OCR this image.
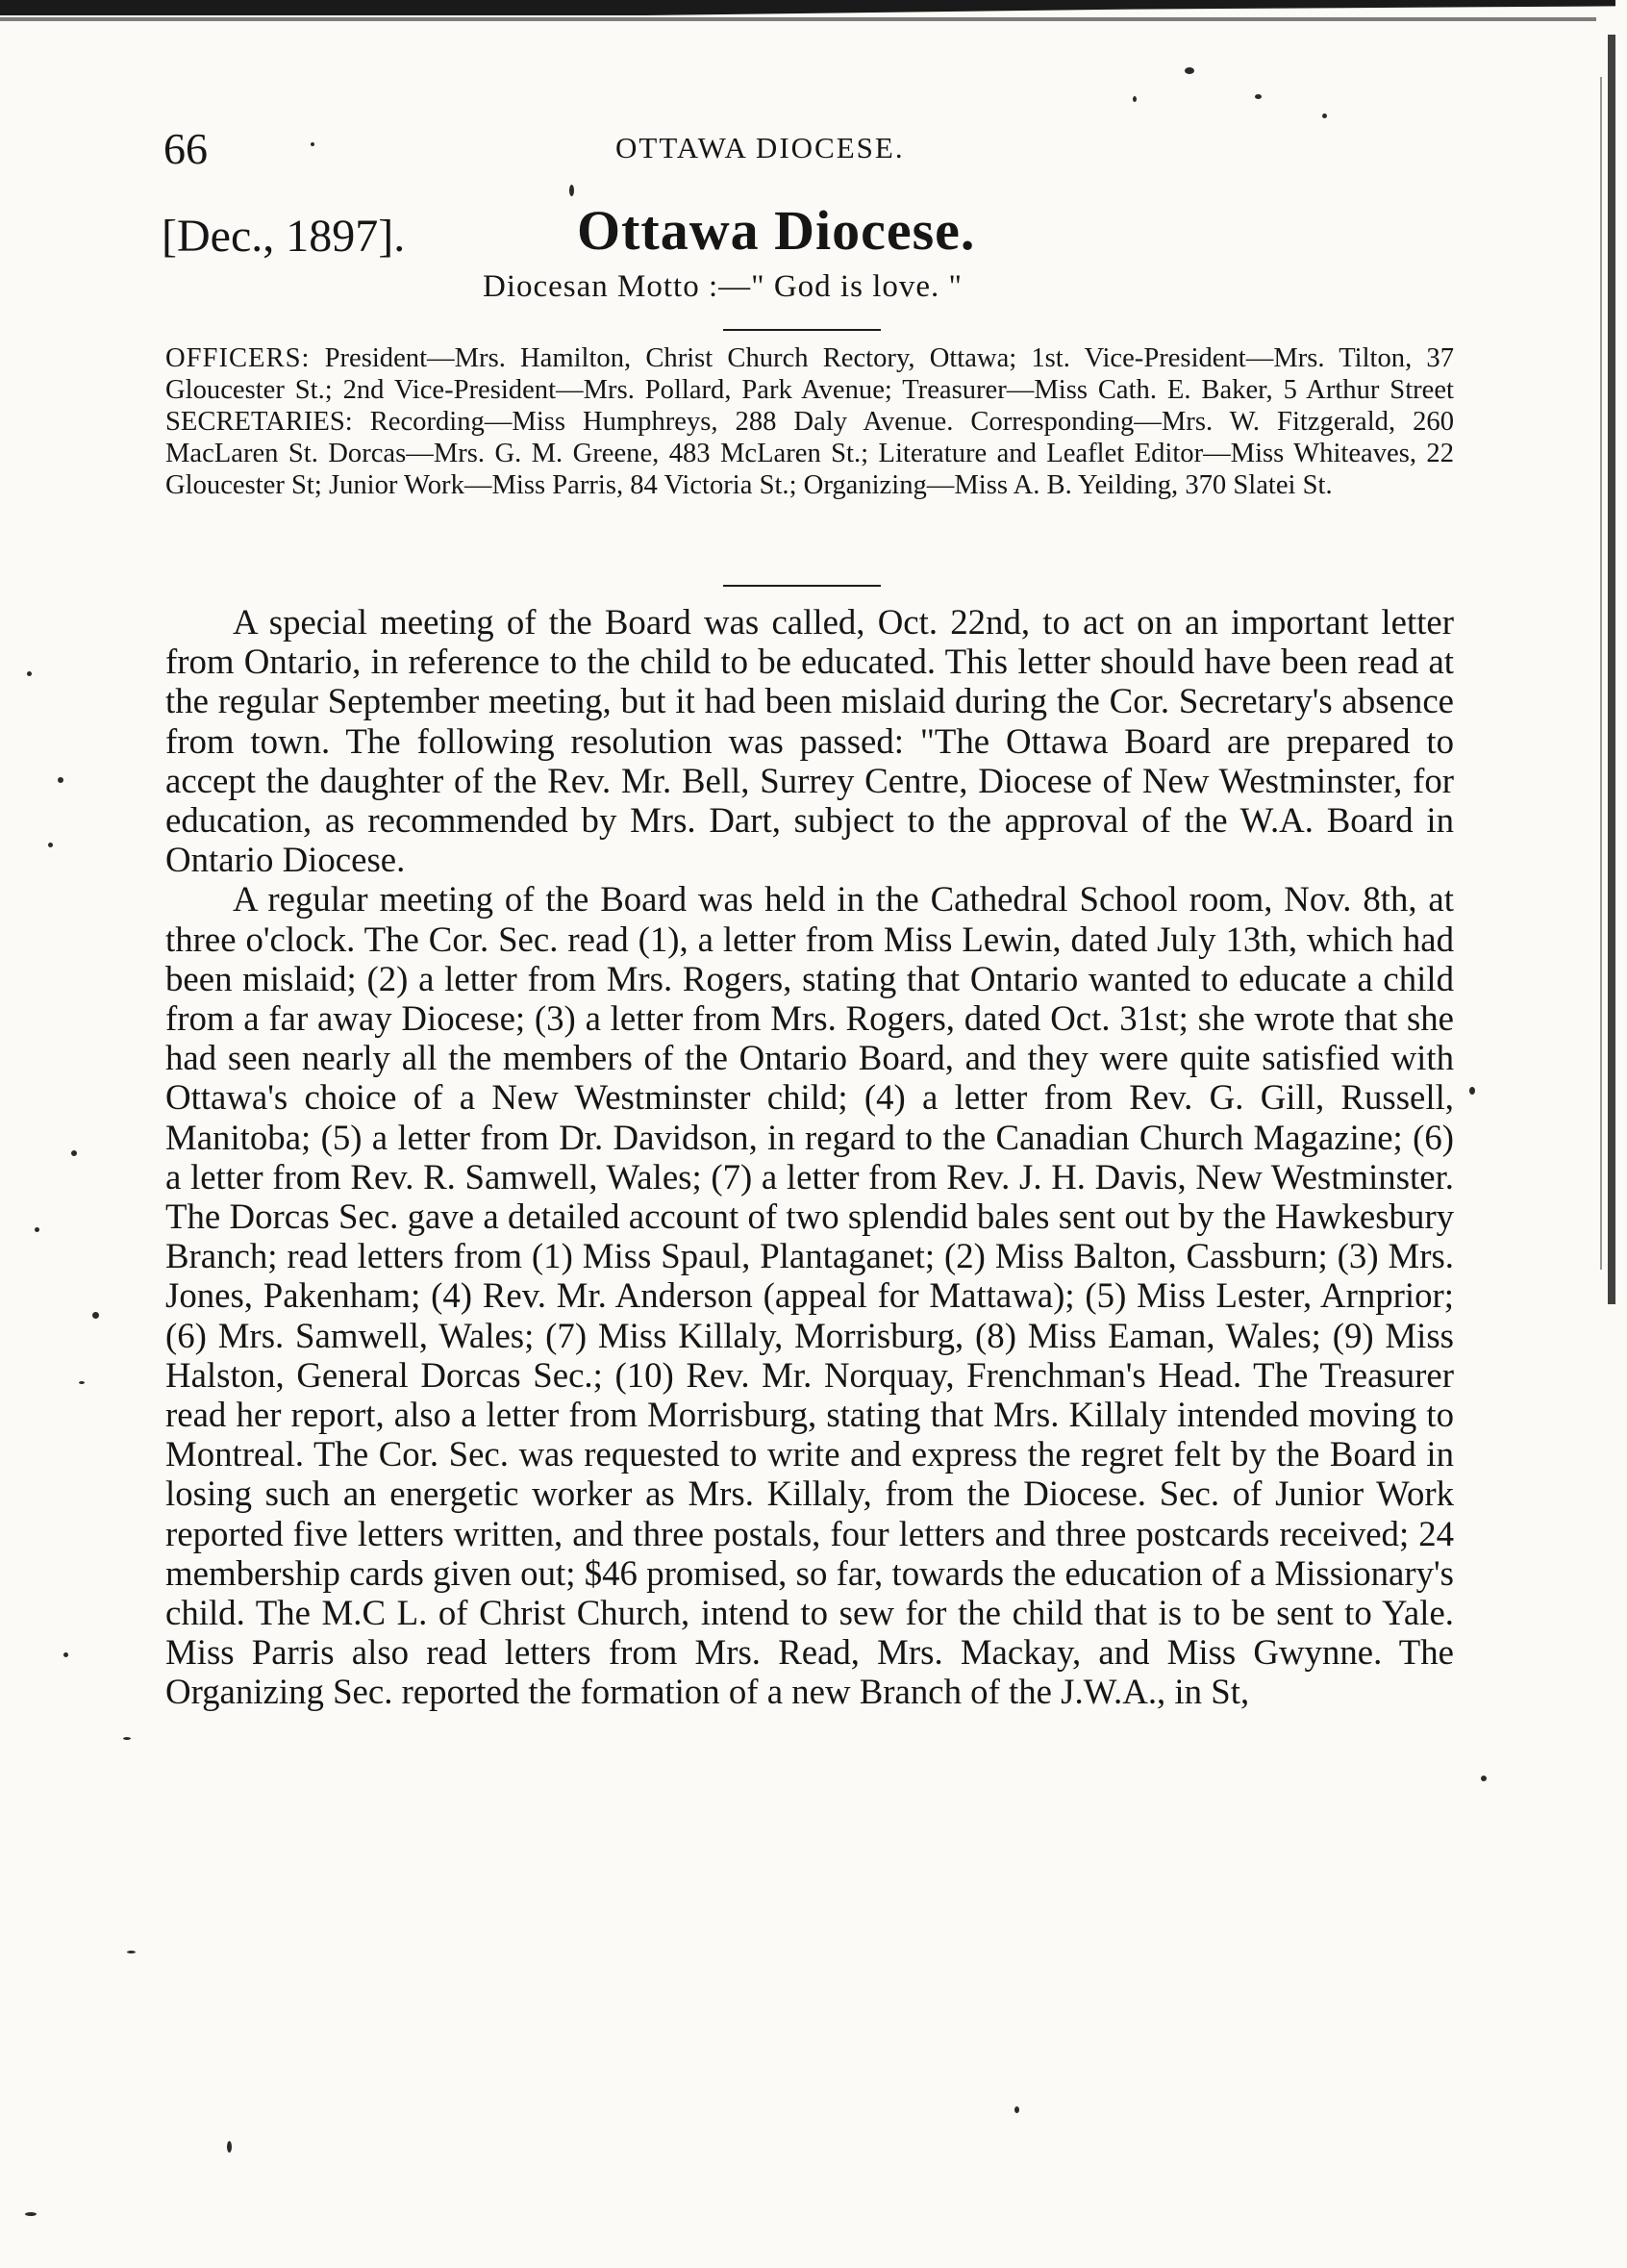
66	OTTAWA DIOCESE.
[Dec., 1897].	Ottawa Diocese.
Diocesan Motto :—" God is love. "

OFFICERS: President—Mrs. Hamilton, Christ Church Rectory, Ottawa; 1st. Vice-President—Mrs. Tilton, 37 Gloucester St.; 2nd Vice-President—Mrs. Pollard, Park Avenue; Treasurer—Miss Cath. E. Baker, 5 Arthur Street SECRETARIES: Recording—Miss Humphreys, 288 Daly Avenue. Corresponding—Mrs. W. Fitzgerald, 260 MacLaren St. Dorcas—Mrs. G. M. Greene, 483 McLaren St.; Literature and Leaflet Editor—Miss Whiteaves, 22 Gloucester St; Junior Work—Miss Parris, 84 Victoria St.; Organizing—Miss A. B. Yeilding, 370 Slatei St.

A special meeting of the Board was called, Oct. 22nd, to act on an important letter from Ontario, in reference to the child to be educated. This letter should have been read at the regular September meeting, but it had been mislaid during the Cor. Secretary's absence from town. The following resolution was passed: "The Ottawa Board are prepared to accept the daughter of the Rev. Mr. Bell, Surrey Centre, Diocese of New Westminster, for education, as recommended by Mrs. Dart, subject to the approval of the W.A. Board in Ontario Diocese.

A regular meeting of the Board was held in the Cathedral School room, Nov. 8th, at three o'clock. The Cor. Sec. read (1), a letter from Miss Lewin, dated July 13th, which had been mislaid; (2) a letter from Mrs. Rogers, stating that Ontario wanted to educate a child from a far away Diocese; (3) a letter from Mrs. Rogers, dated Oct. 31st; she wrote that she had seen nearly all the members of the Ontario Board, and they were quite satisfied with Ottawa's choice of a New Westminster child; (4) a letter from Rev. G. Gill, Russell, Manitoba; (5) a letter from Dr. Davidson, in regard to the Canadian Church Magazine; (6) a letter from Rev. R. Samwell, Wales; (7) a letter from Rev. J. H. Davis, New Westminster. The Dorcas Sec. gave a detailed account of two splendid bales sent out by the Hawkesbury Branch; read letters from (1) Miss Spaul, Plantaganet; (2) Miss Balton, Cassburn; (3) Mrs. Jones, Pakenham; (4) Rev. Mr. Anderson (appeal for Mattawa); (5) Miss Lester, Arnprior; (6) Mrs. Samwell, Wales; (7) Miss Killaly, Morrisburg, (8) Miss Eaman, Wales; (9) Miss Halston, General Dorcas Sec.; (10) Rev. Mr. Norquay, Frenchman's Head. The Treasurer read her report, also a letter from Morrisburg, stating that Mrs. Killaly intended moving to Montreal. The Cor. Sec. was requested to write and express the regret felt by the Board in losing such an energetic worker as Mrs. Killaly, from the Diocese. Sec. of Junior Work reported five letters written, and three postals, four letters and three postcards received; 24 membership cards given out; $46 promised, so far, towards the education of a Missionary's child. The M.C L. of Christ Church, intend to sew for the child that is to be sent to Yale. Miss Parris also read letters from Mrs. Read, Mrs. Mackay, and Miss Gwynne. The Organizing Sec. reported the formation of a new Branch of the J.W.A., in St,
